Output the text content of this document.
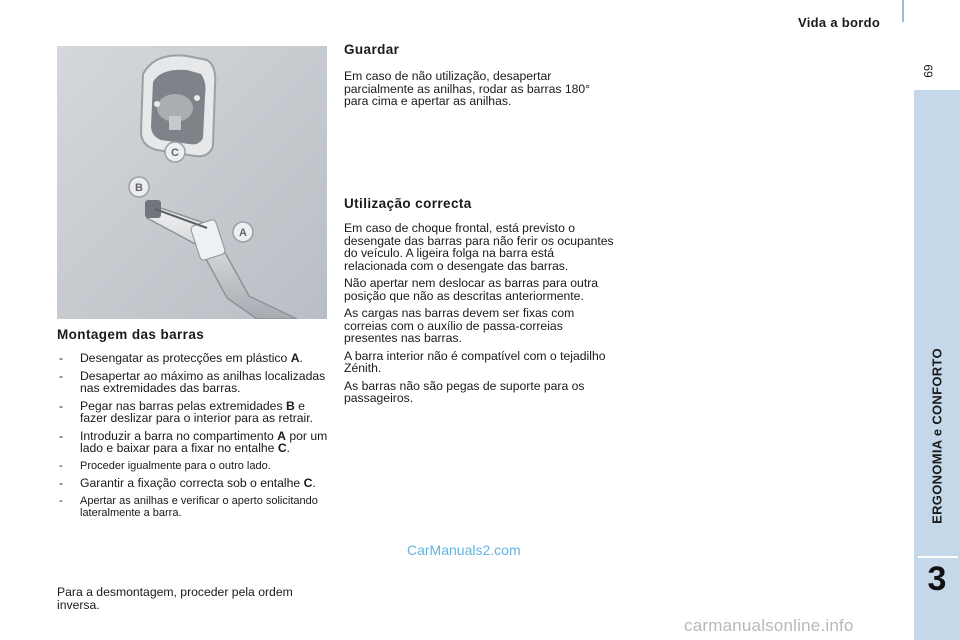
Vida a bordo
69
ERGONOMIA e CONFORTO
3
C
B
A
Montagem das barras
- Desengatar as protecções em plástico A.
- Desapertar ao máximo as anilhas localizadas nas extremidades das barras.
- Pegar nas barras pelas extremidades B e fazer deslizar para o interior para as retrair.
- Introduzir a barra no compartimento A por um lado e baixar para a fixar no entalhe C.
- Proceder igualmente para o outro lado.
- Garantir a fixação correcta sob o entalhe C.
- Apertar as anilhas e verificar o aperto solicitando lateralmente a barra.

Para a desmontagem, proceder pela ordem inversa.

Guardar

Em caso de não utilização, desapertar parcialmente as anilhas, rodar as barras 180° para cima e apertar as anilhas.

Utilização correcta

Em caso de choque frontal, está previsto o desengate das barras para não ferir os ocupantes do veículo. A ligeira folga na barra está relacionada com o desengate das barras.

Não apertar nem deslocar as barras para outra posição que não as descritas anteriormente.

As cargas nas barras devem ser fixas com correias com o auxílio de passa-correias presentes nas barras.

A barra interior não é compatível com o tejadilho Zénith.

As barras não são pegas de suporte para os passageiros.

CarManuals2.com
carmanualsonline.info
